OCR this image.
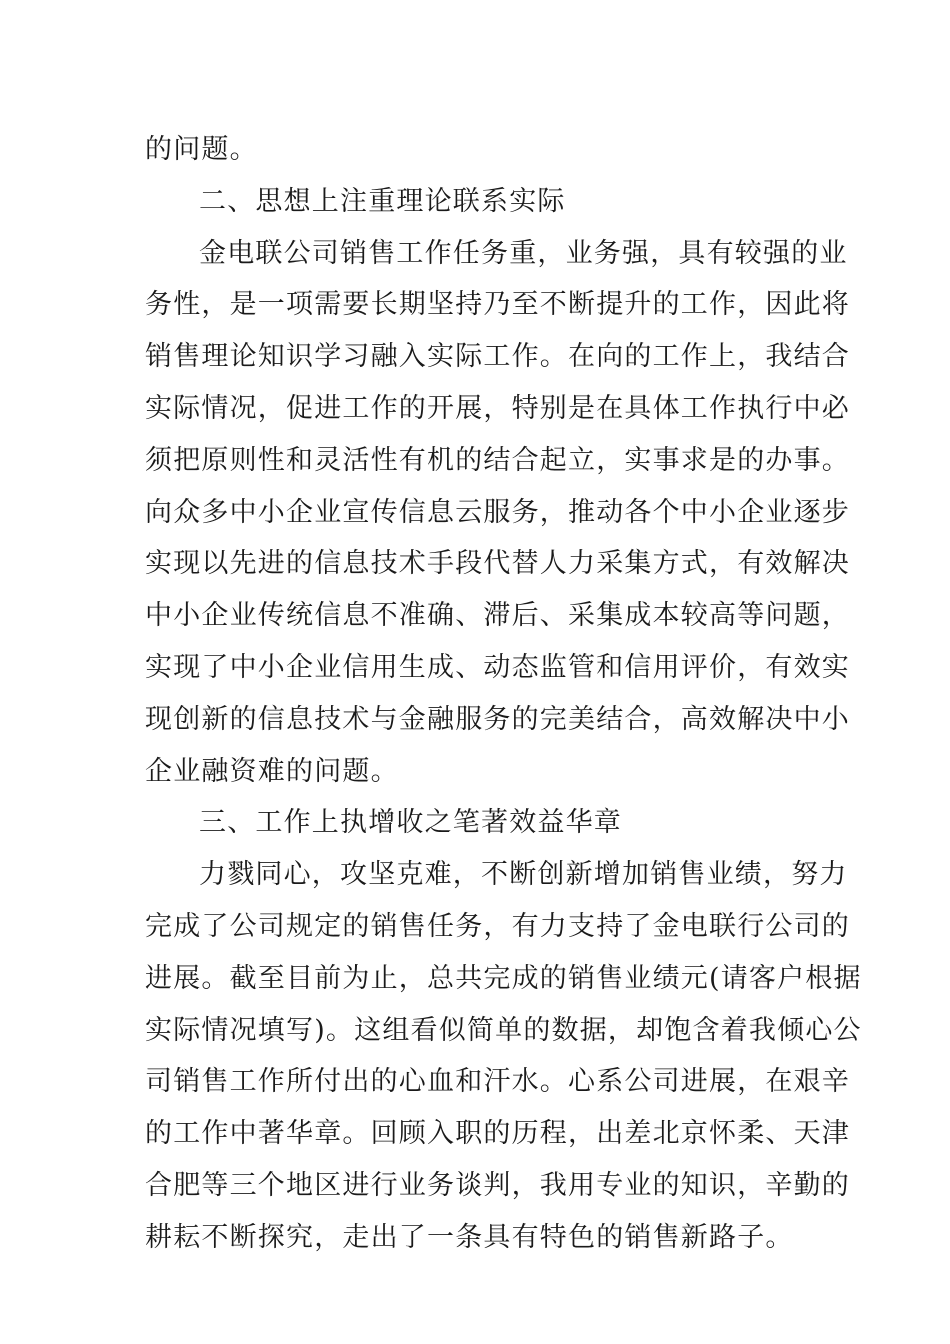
的问题。
二、思想上注重理论联系实际
金电联公司销售工作任务重，业务强，具有较强的业
务性，是一项需要长期坚持乃至不断提升的工作，因此将
销售理论知识学习融入实际工作。在向的工作上，我结合
实际情况，促进工作的开展，特别是在具体工作执行中必
须把原则性和灵活性有机的结合起立，实事求是的办事。
向众多中小企业宣传信息云服务，推动各个中小企业逐步
实现以先进的信息技术手段代替人力采集方式，有效解决
中小企业传统信息不准确、滞后、采集成本较高等问题，
实现了中小企业信用生成、动态监管和信用评价，有效实
现创新的信息技术与金融服务的完美结合，高效解决中小
企业融资难的问题。
三、工作上执增收之笔著效益华章
力戮同心，攻坚克难，不断创新增加销售业绩，努力
完成了公司规定的销售任务，有力支持了金电联行公司的
进展。截至目前为止，总共完成的销售业绩元(请客户根据
实际情况填写)。这组看似简单的数据，却饱含着我倾心公
司销售工作所付出的心血和汗水。心系公司进展，在艰辛
的工作中著华章。回顾入职的历程，出差北京怀柔、天津
合肥等三个地区进行业务谈判，我用专业的知识，辛勤的
耕耘不断探究，走出了一条具有特色的销售新路子。
